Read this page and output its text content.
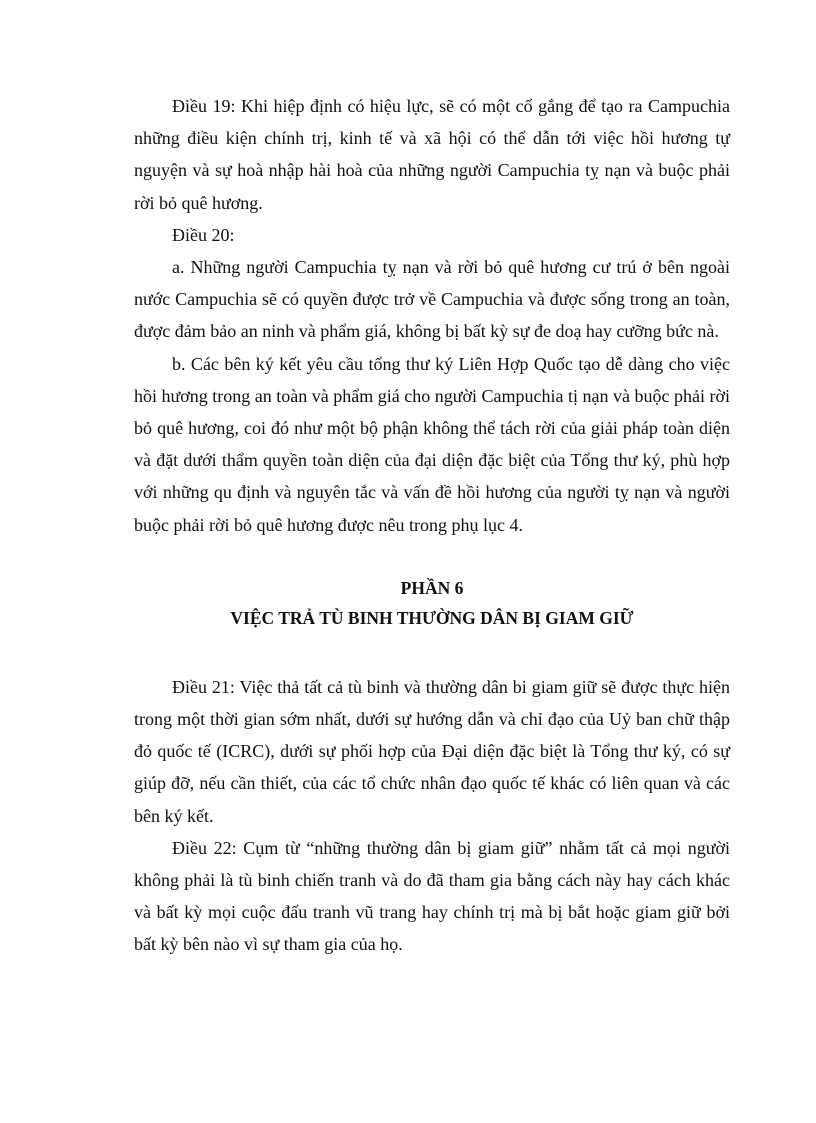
Điều 19: Khi hiệp định có hiệu lực, sẽ có một cố gắng để tạo ra Campuchia những điều kiện chính trị, kinh tế và xã hội có thể dẫn tới việc hồi hương tự nguyện và sự hoà nhập hài hoà của những người Campuchia tỵ nạn và buộc phải rời bỏ quê hương.

Điều 20:

a. Những người Campuchia tỵ nạn và rời bỏ quê hương cư trú ở bên ngoài nước Campuchia sẽ có quyền được trở về Campuchia và được sống trong an toàn, được đảm bảo an ninh và phẩm giá, không bị bất kỳ sự đe doạ hay cưỡng bức nà.

b. Các bên ký kết yêu cầu tổng thư ký Liên Hợp Quốc tạo dễ dàng cho việc hồi hương trong an toàn và phẩm giá cho người Campuchia tị nạn và buộc phải rời bỏ quê hương, coi đó như một bộ phận không thể tách rời của giải pháp toàn diện và đặt dưới thẩm quyền toàn diện của đại diện đặc biệt của Tổng thư ký, phù hợp với những qu định và nguyên tắc và vấn đề hồi hương của người tỵ nạn và người buộc phải rời bỏ quê hương được nêu trong phụ lục 4.

PHẦN 6

VIỆC TRẢ TÙ BINH THƯỜNG DÂN BỊ GIAM GIỮ

Điều 21: Việc thả tất cả tù binh và thường dân bi giam giữ sẽ được thực hiện trong một thời gian sớm nhất, dưới sự hướng dẫn và chỉ đạo của Uỷ ban chữ thập đỏ quốc tế (ICRC), dưới sự phối hợp của Đại diện đặc biệt là Tổng thư ký, có sự giúp đỡ, nếu cần thiết, của các tổ chức nhân đạo quốc tế khác có liên quan và các bên ký kết.

Điều 22: Cụm từ “những thường dân bị giam giữ” nhằm tất cả mọi người không phải là tù binh chiến tranh và do đã tham gia bằng cách này hay cách khác và bất kỳ mọi cuộc đấu tranh vũ trang hay chính trị mà bị bắt hoặc giam giữ bởi bất kỳ bên nào vì sự tham gia của họ.
